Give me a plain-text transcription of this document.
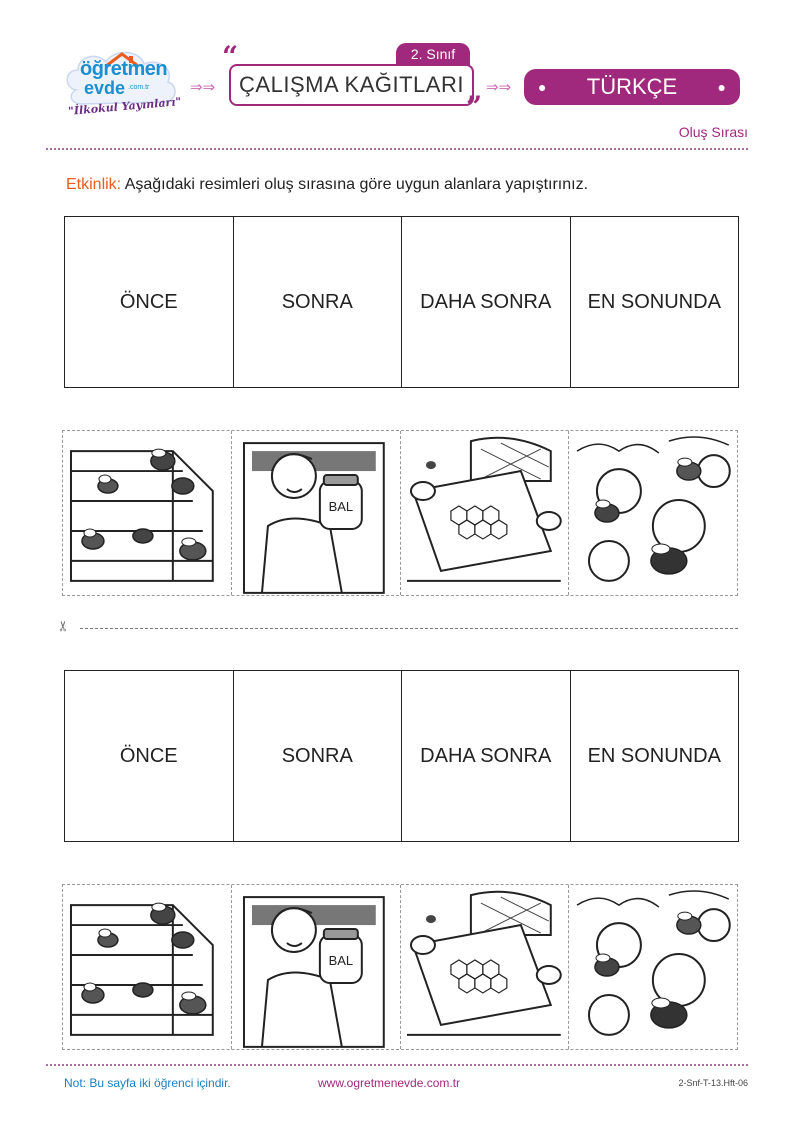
öğretmen
evde .com.tr
"İlkokul Yayınları"
⇒⇒
“	2. Sınıf
ÇALIŞMA KAĞITLARI
”
⇒⇒ ● TÜRKÇE	●
Oluş Sırası
Etkinlik: Aşağıdaki resimleri oluş sırasına göre uygun alanlara yapıştırınız.
ÖNCE	SONRA	DAHA SONRA	EN SONUNDA
BAL
✂
ÖNCE	SONRA	DAHA SONRA	EN SONUNDA
BAL
Not: Bu sayfa iki öğrenci içindir.	www.ogretmenevde.com.tr	2-Snf-T-13.Hft-06
